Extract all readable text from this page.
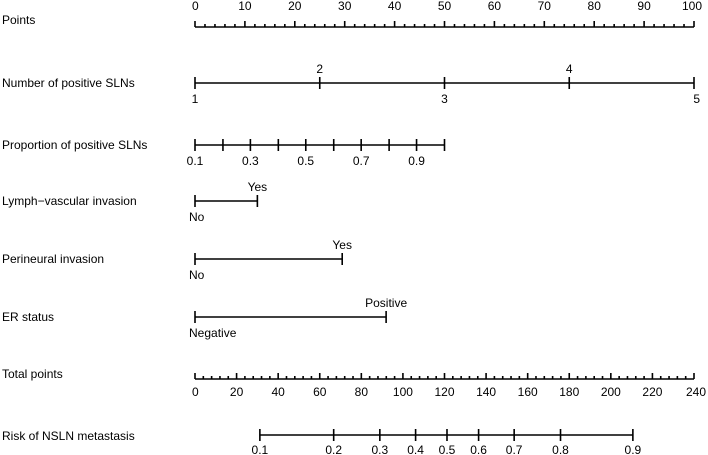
Points
Number of positive SLNs
Proportion of positive SLNs
Lymph−vascular invasion
Perineural invasion
ER status
Total points
Risk of NSLN metastasis
0	10	20	30	40	50	60	70	80	90	100
1
2
3
4
5
0.1	0.3	0.5	0.7	0.9
No
Yes
No
Yes
Negative
Positive
0	20 40 60 80 100 120 140 160 180 200 220 240
0.1	0.2 0.3 0.4 0.5 0.6 0.7 0.8	0.9
